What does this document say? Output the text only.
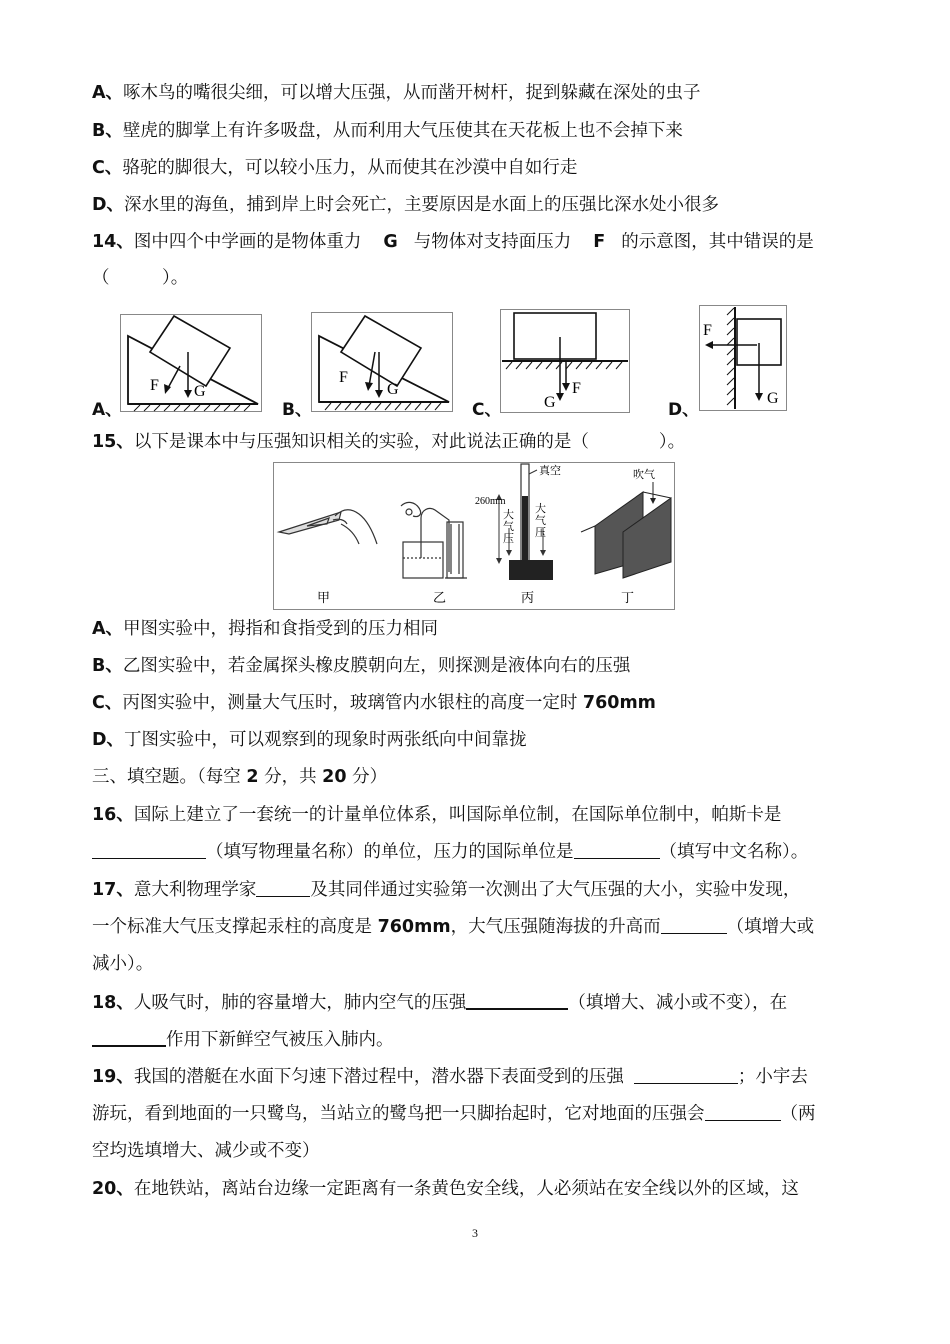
A、啄木鸟的嘴很尖细，可以增大压强，从而凿开树杆，捉到躲藏在深处的虫子
B、壁虎的脚掌上有许多吸盘，从而利用大气压使其在天花板上也不会掉下来
C、骆驼的脚很大，可以较小压力，从而使其在沙漠中自如行走
D、深水里的海鱼，捕到岸上时会死亡，主要原因是水面上的压强比深水处小很多
14、图中四个中学画的是物体重力 G 与物体对支持面压力 F 的示意图，其中错误的是
（　　　）。
A、
F G
B、
F
G
C、	G
F
D、
F
G
15、以下是课本中与压强知识相关的实验，对此说法正确的是（　　　　）。
甲	乙
真空
260mm
大
气
压
大
气
压
丙
吹气
丁
A、甲图实验中，拇指和食指受到的压力相同
B、乙图实验中，若金属探头橡皮膜朝向左，则探测是液体向右的压强
C、丙图实验中，测量大气压时，玻璃管内水银柱的高度一定时 760mm
D、丁图实验中，可以观察到的现象时两张纸向中间靠拢
三、填空题。（每空 2 分，共 20 分）
16、国际上建立了一套统一的计量单位体系，叫国际单位制，在国际单位制中，帕斯卡是
（填写物理量名称）的单位，压力的国际单位是	（填写中文名称）。
17、意大利物理学家	及其同伴通过实验第一次测出了大气压强的大小，实验中发现，
一个标准大气压支撑起汞柱的高度是 760mm，大气压强随海拔的升高而	（填增大或
减小）。
18、人吸气时，肺的容量增大，肺内空气的压强	（填增大、减小或不变），在
作用下新鲜空气被压入肺内。
19、我国的潜艇在水面下匀速下潜过程中，潜水器下表面受到的压强	；小宇去
游玩，看到地面的一只鹭鸟，当站立的鹭鸟把一只脚抬起时，它对地面的压强会	（两
空均选填增大、减少或不变）
20、在地铁站，离站台边缘一定距离有一条黄色安全线，人必须站在安全线以外的区域，这
3
